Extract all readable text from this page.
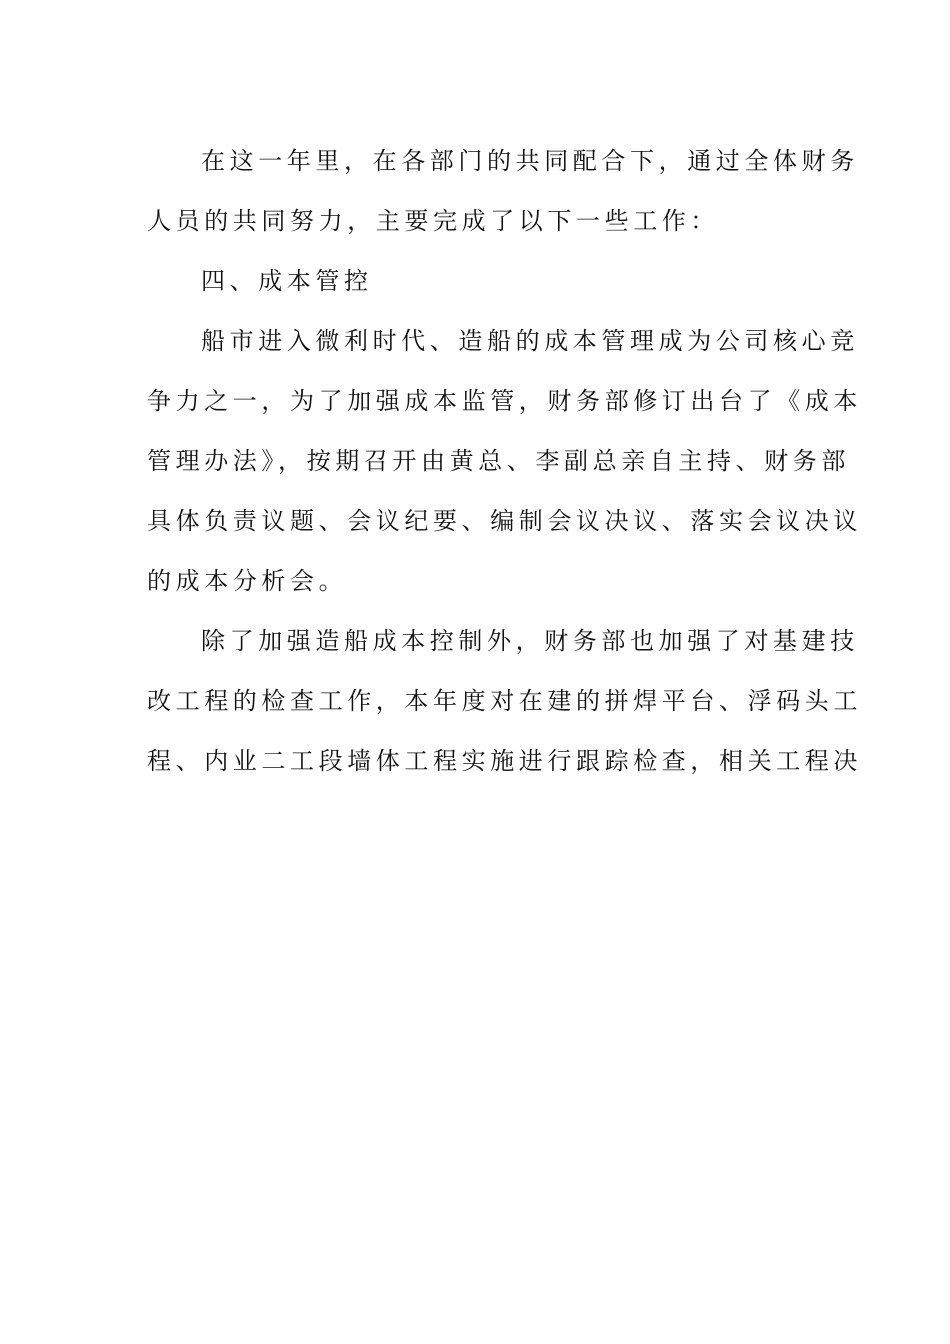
在这一年里，在各部门的共同配合下，通过全体财务
人员的共同努力，主要完成了以下一些工作：

四、成本管控

船市进入微利时代、造船的成本管理成为公司核心竞
争力之一，为了加强成本监管，财务部修订出台了《成本
管理办法》，按期召开由黄总、李副总亲自主持、财务部
具体负责议题、会议纪要、编制会议决议、落实会议决议
的成本分析会。

除了加强造船成本控制外，财务部也加强了对基建技
改工程的检查工作，本年度对在建的拼焊平台、浮码头工
程、内业二工段墙体工程实施进行跟踪检查，相关工程决
